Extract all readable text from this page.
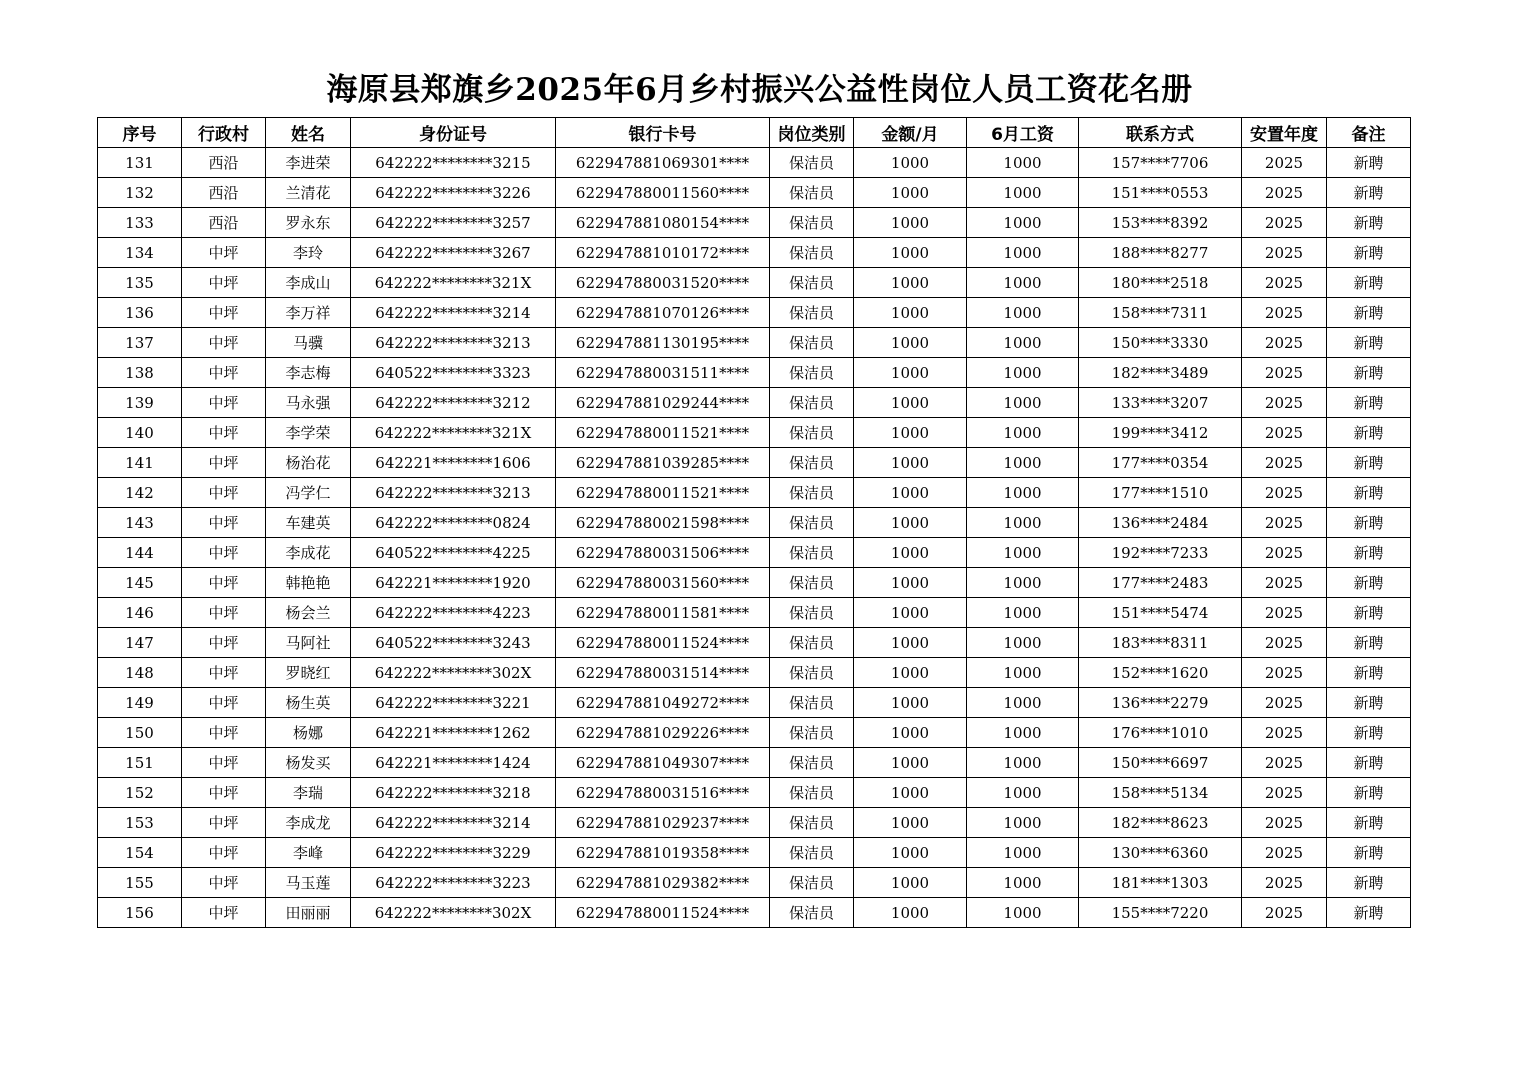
海原县郑旗乡2025年6月乡村振兴公益性岗位人员工资花名册
序号	行政村	姓名	身份证号	银行卡号	岗位类别	金额/月	6月工资	联系方式	安置年度	备注
131	西沿	李进荣	642222********3215	622947881069301****	保洁员	1000	1000	157****7706	2025	新聘
132	西沿	兰清花	642222********3226	622947880011560****	保洁员	1000	1000	151****0553	2025	新聘
133	西沿	罗永东	642222********3257	622947881080154****	保洁员	1000	1000	153****8392	2025	新聘
134	中坪	李玲	642222********3267	622947881010172****	保洁员	1000	1000	188****8277	2025	新聘
135	中坪	李成山	642222********321X	622947880031520****	保洁员	1000	1000	180****2518	2025	新聘
136	中坪	李万祥	642222********3214	622947881070126****	保洁员	1000	1000	158****7311	2025	新聘
137	中坪	马骥	642222********3213	622947881130195****	保洁员	1000	1000	150****3330	2025	新聘
138	中坪	李志梅	640522********3323	622947880031511****	保洁员	1000	1000	182****3489	2025	新聘
139	中坪	马永强	642222********3212	622947881029244****	保洁员	1000	1000	133****3207	2025	新聘
140	中坪	李学荣	642222********321X	622947880011521****	保洁员	1000	1000	199****3412	2025	新聘
141	中坪	杨治花	642221********1606	622947881039285****	保洁员	1000	1000	177****0354	2025	新聘
142	中坪	冯学仁	642222********3213	622947880011521****	保洁员	1000	1000	177****1510	2025	新聘
143	中坪	车建英	642222********0824	622947880021598****	保洁员	1000	1000	136****2484	2025	新聘
144	中坪	李成花	640522********4225	622947880031506****	保洁员	1000	1000	192****7233	2025	新聘
145	中坪	韩艳艳	642221********1920	622947880031560****	保洁员	1000	1000	177****2483	2025	新聘
146	中坪	杨会兰	642222********4223	622947880011581****	保洁员	1000	1000	151****5474	2025	新聘
147	中坪	马阿社	640522********3243	622947880011524****	保洁员	1000	1000	183****8311	2025	新聘
148	中坪	罗晓红	642222********302X	622947880031514****	保洁员	1000	1000	152****1620	2025	新聘
149	中坪	杨生英	642222********3221	622947881049272****	保洁员	1000	1000	136****2279	2025	新聘
150	中坪	杨娜	642221********1262	622947881029226****	保洁员	1000	1000	176****1010	2025	新聘
151	中坪	杨发买	642221********1424	622947881049307****	保洁员	1000	1000	150****6697	2025	新聘
152	中坪	李瑞	642222********3218	622947880031516****	保洁员	1000	1000	158****5134	2025	新聘
153	中坪	李成龙	642222********3214	622947881029237****	保洁员	1000	1000	182****8623	2025	新聘
154	中坪	李峰	642222********3229	622947881019358****	保洁员	1000	1000	130****6360	2025	新聘
155	中坪	马玉莲	642222********3223	622947881029382****	保洁员	1000	1000	181****1303	2025	新聘
156	中坪	田丽丽	642222********302X	622947880011524****	保洁员	1000	1000	155****7220	2025	新聘
